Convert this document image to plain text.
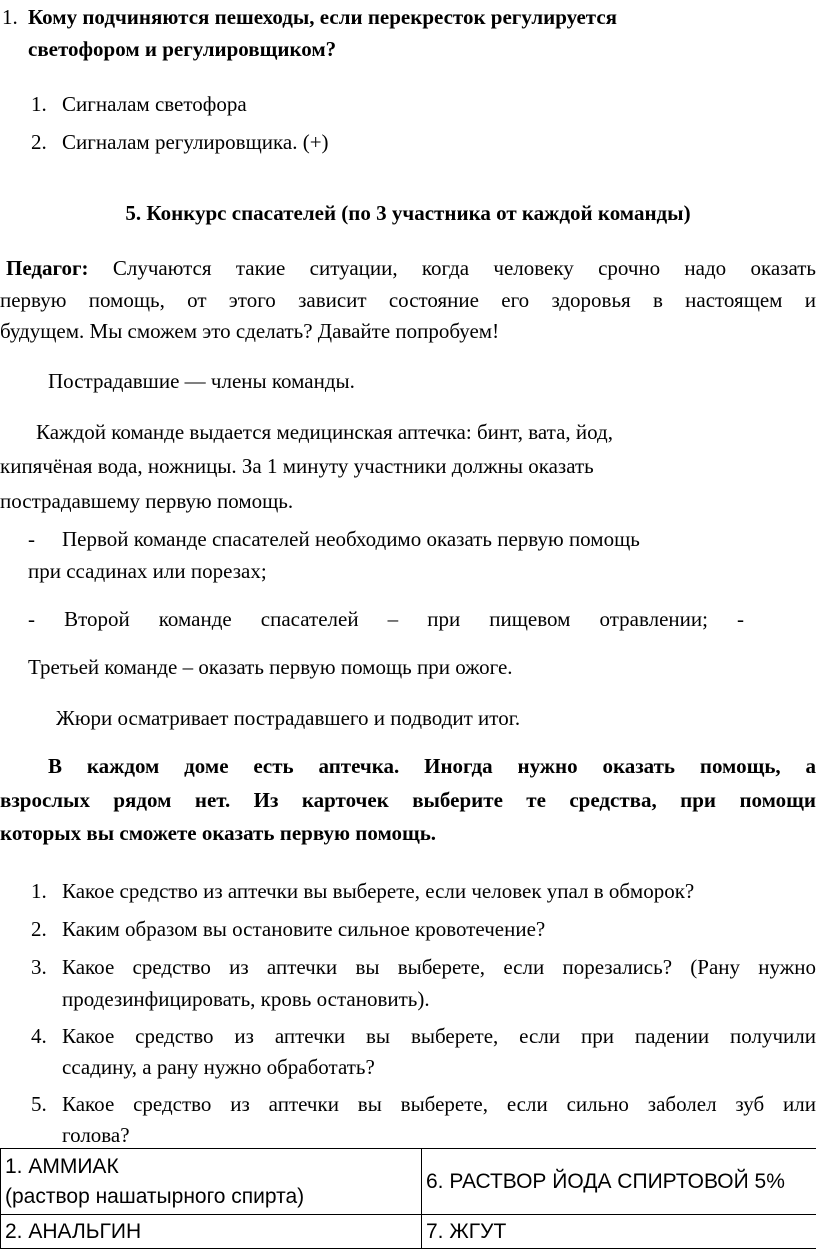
1. Кому подчиняются пешеходы, если перекресток регулируется
светофором и регулировщиком?
1. Сигналам светофора
2. Сигналам регулировщика. (+)
5. Конкурс спасателей (по 3 участника от каждой команды)
Педагог: Случаются такие ситуации, когда человеку срочно надо оказать
первую помощь, от этого зависит состояние его здоровья в настоящем и
будущем. Мы сможем это сделать? Давайте попробуем!
Пострадавшие — члены команды.
Каждой команде выдается медицинская аптечка: бинт, вата, йод,
кипячёная вода, ножницы. За 1 минуту участники должны оказать
пострадавшему первую помощь.
- Первой команде спасателей необходимо оказать первую помощь
при ссадинах или порезах;
- Второй команде спасателей – при пищевом отравлении; -
Третьей команде – оказать первую помощь при ожоге.
Жюри осматривает пострадавшего и подводит итог.
В каждом доме есть аптечка. Иногда нужно оказать помощь, а
взрослых рядом нет. Из карточек выберите те средства, при помощи
которых вы сможете оказать первую помощь.
1. Какое средство из аптечки вы выберете, если человек упал в обморок?
2. Каким образом вы остановите сильное кровотечение?
3. Какое средство из аптечки вы выберете, если порезались? (Рану нужно
продезинфицировать, кровь остановить).
4. Какое средство из аптечки вы выберете, если при падении получили
ссадину, а рану нужно обработать?
5. Какое средство из аптечки вы выберете, если сильно заболел зуб или
голова?
1. АММИАК
(раствор нашатырного спирта)	6. РАСТВОР ЙОДА СПИРТОВОЙ 5%
2. АНАЛЬГИН	7. ЖГУТ
